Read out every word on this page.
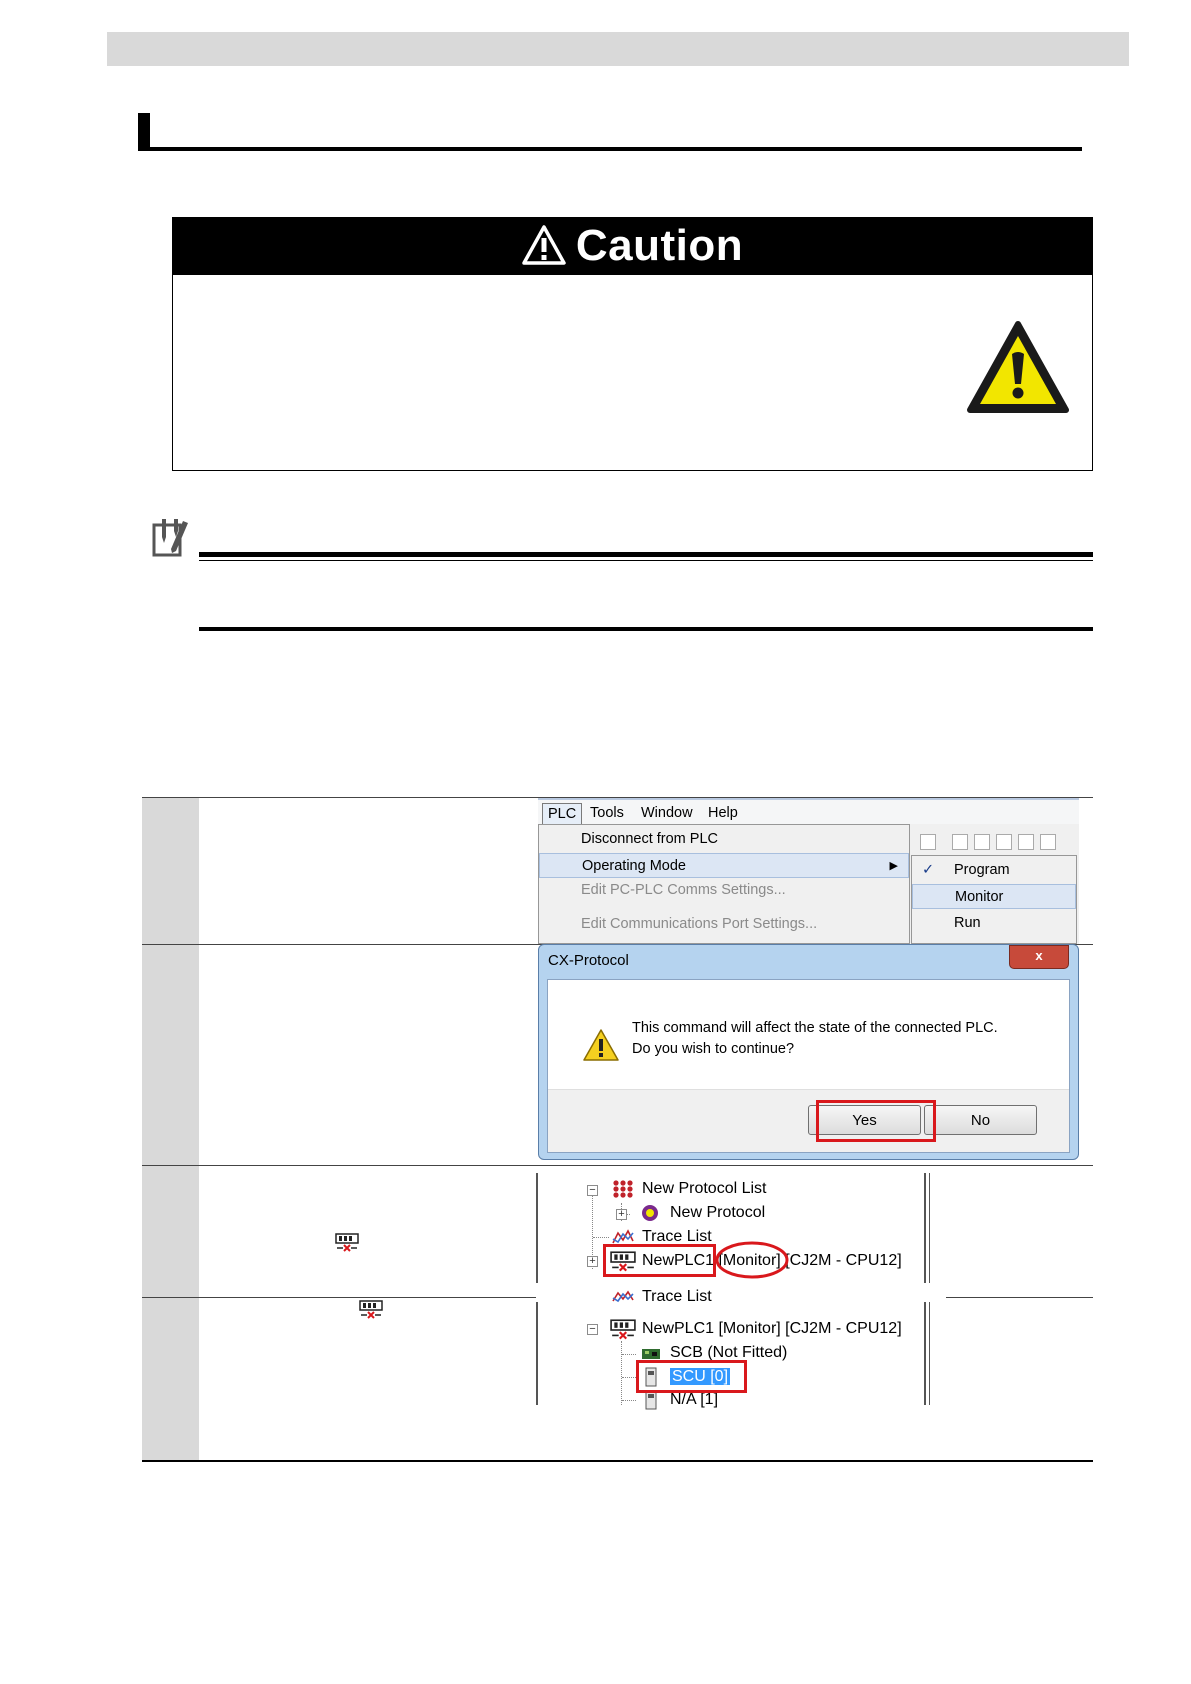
Caution
PLC Tools	Window	Help
Disconnect from PLC
Operating Mode	▶
Edit PC-PLC Comms Settings...
Edit Communications Port Settings...
✓ Program
Monitor
Run
CX-Protocol	x
This command will affect the state of the connected PLC.
Do you wish to continue?
Yes	No
−	New Protocol List
+	New Protocol
Trace List
+	NewPLC1 [Monitor] [CJ2M - CPU12]
Trace List
−	NewPLC1 [Monitor] [CJ2M - CPU12]
SCB (Not Fitted)
SCU [0]
N/A [1]
